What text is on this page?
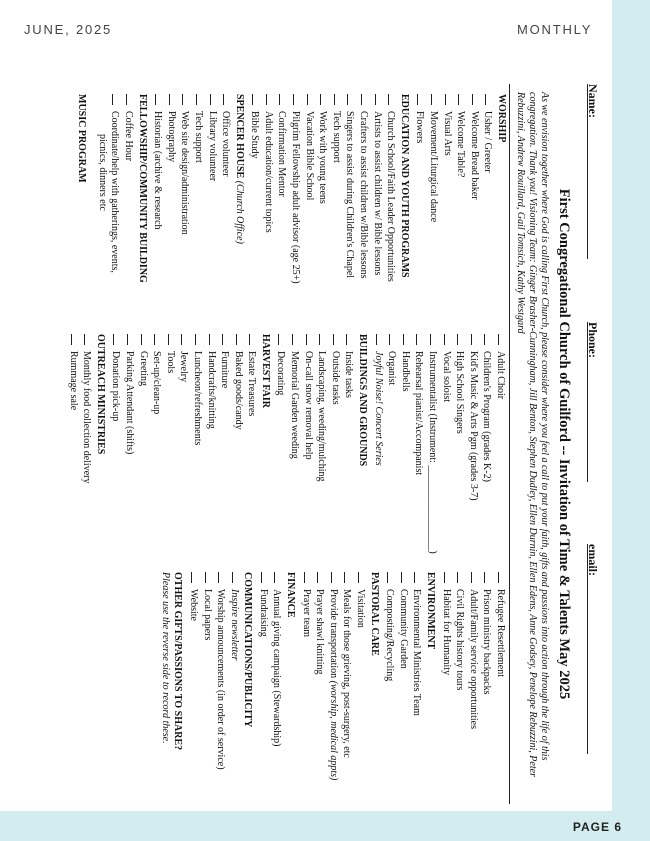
JUNE, 2025	MONTHLY
Name:
Phone:
email:
First Congregational Church of Guilford -- Invitation of Time & Talents May 2025
As we envision together where God is calling First Church, please consider where you feel a call to put your faith, gifts and passions into action through the life of this congregation. Thank you! Visioning Team: Ginger Brasher-Cunningham, Jill Benton, Stephen Dudley, Ellen Durnin, Ellen Edens, Anne Godsey, Penelope Rebuzzini, Peter Rebuzzini, Andrew Rouillard, Gail Tomsich, Kathy Westgard
WORSHIP
Usher / Greeter
Welcome Bread baker
Welcome Table?
Visual Arts
Movement/Liturgical dance
Flowers
EDUCATION AND YOUTH PROGRAMS
Church School/Faith Leader Opportunities
Artists to assist children w/ Bible lessons
Crafters to assist children w/Bible lessons
Singers to assist during Children's Chapel
Tech support
Work with young teens
Vacation Bible School
Pilgrim Fellowship adult advisor (age 25+)
Confirmation Mentor
Adult education/current topics
Bible Study
SPENCER HOUSE (Church Office)
Office volunteer
Library volunteer
Tech support
Web site design/administration
Photography
Historian (archive & research
FELLOWSHIP/COMMUNITY BUILDING
Coffee Hour
Coordinate/help with gatherings, events,
picnics, dinners etc
MUSIC PROGRAM
Adult Choir
Children's Program (grades K-2)
Kid's Music & Arts Pgm (grades 3-7)
High School Singers
Vocal soloist
Instrumentalist (Instrument: _________________)
Rehearsal pianist/Accompanist
Handbells
Organist
Joyful Noise! Concert Series
BUILDINGS AND GROUNDS
Inside tasks
Outside tasks
Landscaping, weeding/mulching
On-call snow removal help
Memorial Garden weeding
Decorating
HARVEST FAIR
Estate Treasures
Baked goods/candy
Furniture
Handcrafts/knitting
Luncheon/refreshments
Jewelry
Tools
Set-up/clean-up
Greeting
Parking Attendant (shifts)
Donation pick-up
OUTREACH MINISTRIES
Monthly food collection delivery
Rummage sale
Refugee Resettlement
Prison ministry backpacks
Adult/Family service opportunities
Civil Rights history tours
Habitat for Humanity
ENVIRONMENT
Environmental Ministries Team
Community Garden
Composting/Recycling
PASTORAL CARE
Visitation
Meals for those grieving, post-surgery, etc
Provide transportation (worship, medical appts)
Prayer shawl knitting
Prayer team
FINANCE
Annual giving campaign (Stewardship)
Fundraising
COMMUNICATIONS/PUBLICITY
Inspire newsletter
Worship announcements (in order of service)
Local papers
Website
OTHER GIFTS/PASSIONS TO SHARE?
Please use the reverse side to record these.
PAGE 6
